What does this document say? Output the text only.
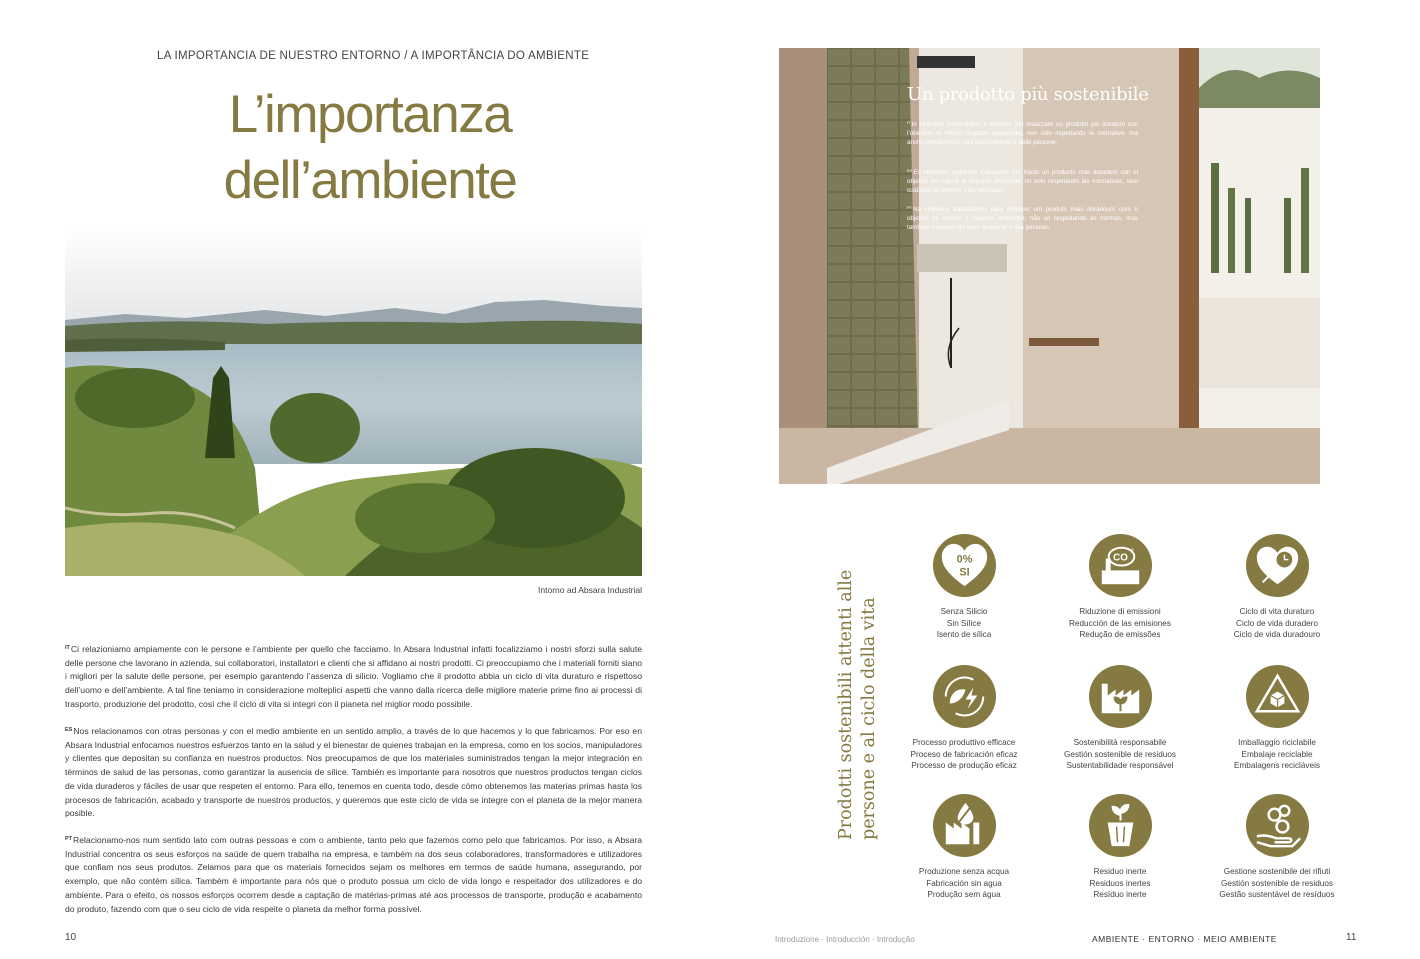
LA IMPORTANCIA DE NUESTRO ENTORNO / A IMPORTÂNCIA DO AMBIENTE
L’importanza
dell’ambiente
Intorno ad Absara Industrial

$^{IT}$Ci relazioniamo ampiamente con le persone e l’ambiente per quello che facciamo. In Absara Industrial infatti focalizziamo i nostri sforzi sulla salute delle persone che lavorano in azienda, sui collaboratori, installatori e clienti che si affidano ai nostri prodotti. Ci preoccupiamo che i materiali forniti siano i migliori per la salute delle persone, per esempio garantendo l’assenza di silicio. Vogliamo che il prodotto abbia un ciclo di vita duraturo e rispettoso dell’uomo e dell’ambiente. A tal fine teniamo in considerazione molteplici aspetti che vanno dalla ricerca delle migliore materie prime fino ai processi di trasporto, produzione del prodotto, così che il ciclo di vita si integri con il pianeta nel miglior modo possibile.

$^{ES}$Nos relacionamos con otras personas y con el medio ambiente en un sentido amplio, a través de lo que hacemos y lo que fabricamos. Por eso en Absara Industrial enfocamos nuestros esfuerzos tanto en la salud y el bienestar de quienes trabajan en la empresa, como en los socios, manipuladores y clientes que depositan su confianza en nuestros productos. Nos preocupamos de que los materiales suministrados tengan la mejor integración en términos de salud de las personas, como garantizar la ausencia de sílice. También es importante para nosotros que nuestros productos tengan ciclos de vida duraderos y fáciles de usar que respeten el entorno. Para ello, tenemos en cuenta todo, desde cómo obtenemos las materias primas hasta los procesos de fabricación, acabado y transporte de nuestros productos, y queremos que este ciclo de vida se integre con el planeta de la mejor manera posible.

$^{PT}$Relacionamo-nos num sentido lato com outras pessoas e com o ambiente, tanto pelo que fazemos como pelo que fabricamos. Por isso, a Absara Industrial concentra os seus esforços na saúde de quem trabalha na empresa, e também na dos seus colaboradores, transformadores e utilizadores que confiam nos seus produtos. Zelamos para que os materiais fornecidos sejam os melhores em termos de saúde humana, assegurando, por exemplo, que não contém sílica. Também é importante para nós que o produto possua um ciclo de vida longo e respeitador dos utilizadores e do ambiente. Para o efeito, os nossos esforços ocorrem desde a captação de matérias-primas até aos processos de transporte, produção e acabamento do produto, fazendo com que o seu ciclo de vida respeite o planeta da melhor forma possível.

10
Un prodotto più sostenibile

$^{IT}$In Hidrobox continuiamo a lavorare per realizzare un prodotto più duraturo con l’obiettivo di ridurre l’impatto ambientale, non solo rispettando le normative, ma anche prendendoci cura dell’ambiente e delle persone.

$^{ES}$En Hidrobox seguimos trabajando por hacer un producto más duradero con el objetivo de reducir el impacto ambiental, no solo respetando las normativas, sino cuidando el entorno y las personas.

$^{PT}$Na Hidrobox trabalhamos para oferecer um produto mais duradouro com o objetivo de reduzir o impacto ambiental, não só respeitando as normas, mas também cuidando do meio ambiente e das pessoas.

Prodotti sostenibili attenti alle persone e al ciclo della vita
0%
SI
Senza Silicio
Sin Sílice
Isento de sílica
CO
2
Riduzione di emissioni
Reducción de las emisiones
Redução de emissões
Ciclo di vita duraturo
Ciclo de vida duradero
Ciclo de vida duradouro
Processo produttivo efficace
Proceso de fabricación eficaz
Processo de produção eficaz
Sostenibilità responsabile
Gestión sostenible de residuos
Sustentabilidade responsável
Imballaggio riciclabile
Embalaje reciclable
Embalagens recicláveis
Produzione senza acqua
Fabricación sin agua
Produção sem água
Residuo inerte
Residuos inertes
Resíduo inerte
Gestione sostenibile dei rifiuti
Gestión sostenible de residuos
Gestão sustentável de resíduos
Introduzione · Introducción · Introdução	AMBIENTE · ENTORNO · MEIO AMBIENTE	11
